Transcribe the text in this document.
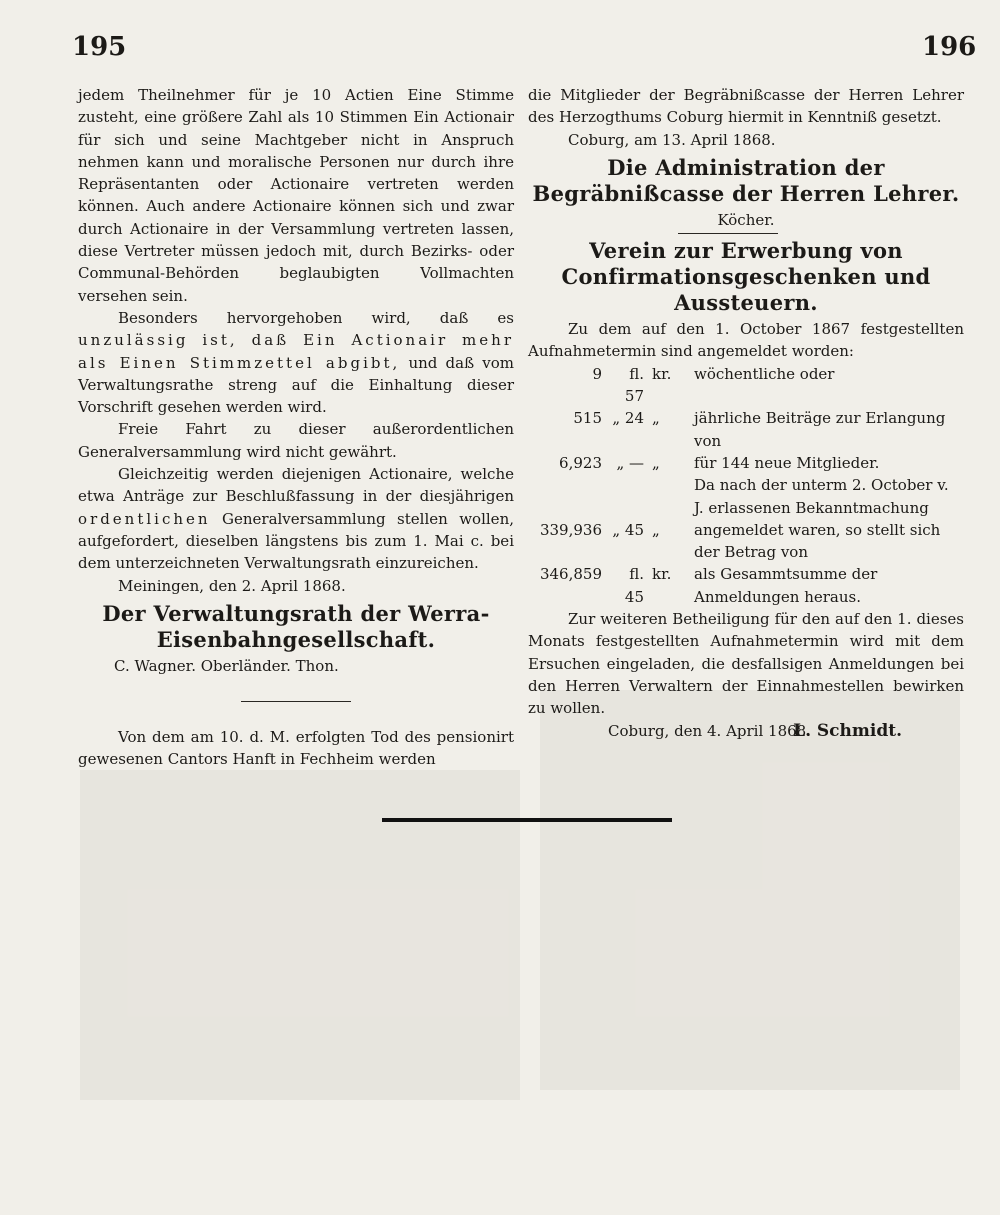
195	196

jedem Theilnehmer für je 10 Actien Eine Stimme zusteht, eine größere Zahl als 10 Stimmen Ein Actionair für sich und seine Machtgeber nicht in Anspruch nehmen kann und moralische Personen nur durch ihre Repräsentanten oder Actionaire vertreten werden können. Auch andere Actionaire können sich und zwar durch Actionaire in der Versammlung vertreten lassen, diese Vertreter müssen jedoch mit, durch Bezirks- oder Communal-Behörden beglaubigten Vollmachten versehen sein.

Besonders hervorgehoben wird, daß es unzulässig ist, daß Ein Actionair mehr als Einen Stimmzettel abgibt, und daß vom Verwaltungsrathe streng auf die Einhaltung dieser Vorschrift gesehen werden wird.

Freie Fahrt zu dieser außerordentlichen Generalversammlung wird nicht gewährt.

Gleichzeitig werden diejenigen Actionaire, welche etwa Anträge zur Beschlußfassung in der diesjährigen ordentlichen Generalversammlung stellen wollen, aufgefordert, dieselben längstens bis zum 1. Mai c. bei dem unterzeichneten Verwaltungsrath einzureichen.

Meiningen, den 2. April 1868.

Der Verwaltungsrath der Werra-Eisenbahngesellschaft.

C. Wagner. Oberländer. Thon.

Von dem am 10. d. M. erfolgten Tod des pensionirt gewesenen Cantors Hanft in Fechheim werden

die Mitglieder der Begräbnißcasse der Herren Lehrer des Herzogthums Coburg hiermit in Kenntniß gesetzt.

Coburg, am 13. April 1868.

Die Administration der Begräbnißcasse der Herren Lehrer.

Köcher.

Verein zur Erwerbung von Confirmationsgeschenken und Aussteuern.

Zu dem auf den 1. October 1867 festgestellten Aufnahmetermin sind angemeldet worden:

9	fl. 57	kr.	wöchentliche oder
515	„ 24	„	jährliche Beiträge zur Erlangung von
6,923	„ —	„	für 144 neue Mitglieder.
			Da nach der unterm 2. October v. J. erlassenen Bekanntmachung
339,936	„ 45	„	angemeldet waren, so stellt sich der Betrag von
346,859	fl. 45	kr.	als Gesammtsumme der Anmeldungen heraus.

Zur weiteren Betheiligung für den auf den 1. dieses Monats festgestellten Aufnahmetermin wird mit dem Ersuchen eingeladen, die desfallsigen Anmeldungen bei den Herren Verwaltern der Einnahmestellen bewirken zu wollen.

Coburg, den 4. April 1868.
L. Schmidt.
